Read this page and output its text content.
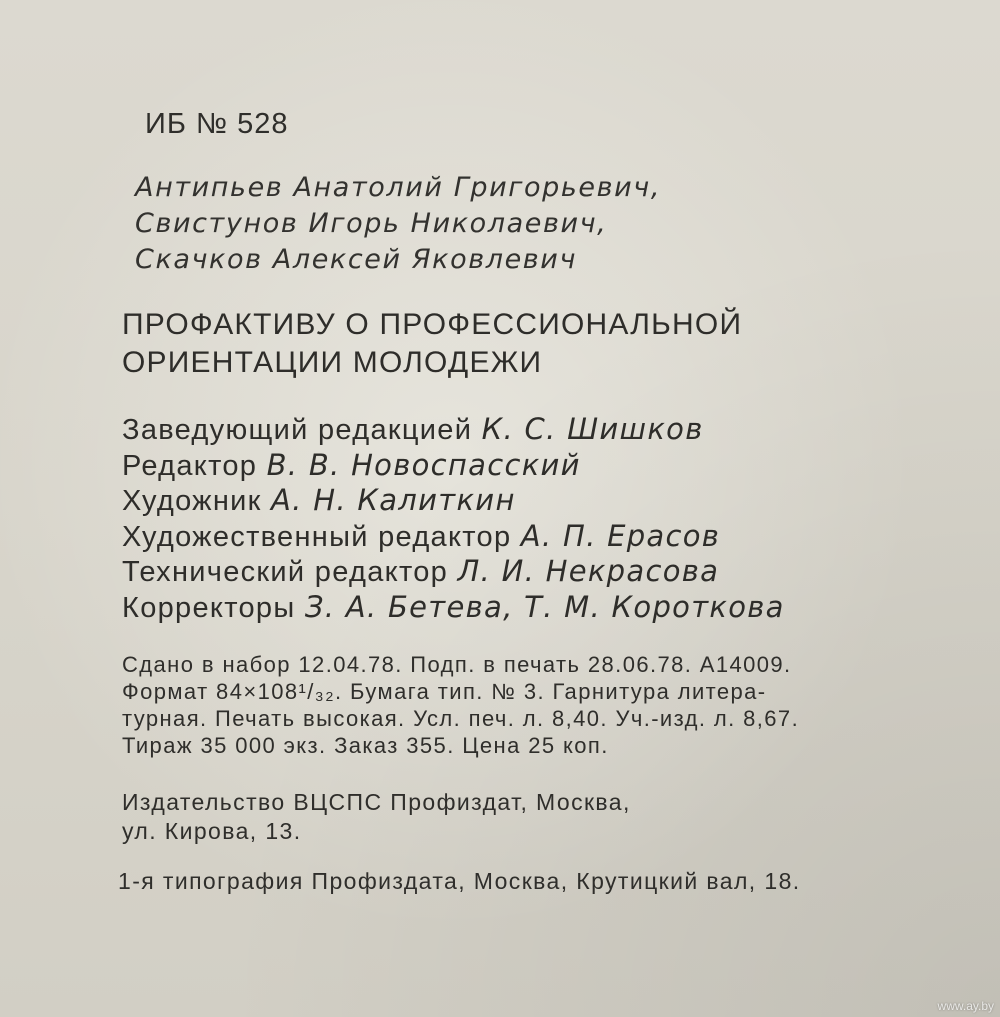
ИБ № 528
Антипьев Анатолий Григорьевич,
Свистунов Игорь Николаевич,
Скачков Алексей Яковлевич
ПРОФАКТИВУ О ПРОФЕССИОНАЛЬНОЙ
ОРИЕНТАЦИИ МОЛОДЕЖИ
Заведующий редакцией К. С. Шишков
Редактор В. В. Новоспасский
Художник А. Н. Калиткин
Художественный редактор А. П. Ерасов
Технический редактор Л. И. Некрасова
Корректоры З. А. Бетева, Т. М. Короткова
Сдано в набор 12.04.78. Подп. в печать 28.06.78. А14009.
Формат 84×108¹/₃₂. Бумага тип. № 3. Гарнитура литера-
турная. Печать высокая. Усл. печ. л. 8,40. Уч.-изд. л. 8,67.
Тираж 35 000 экз. Заказ 355. Цена 25 коп.
Издательство ВЦСПС Профиздат, Москва,
ул. Кирова, 13.
1-я типография Профиздата, Москва, Крутицкий вал, 18.
www.ay.by
